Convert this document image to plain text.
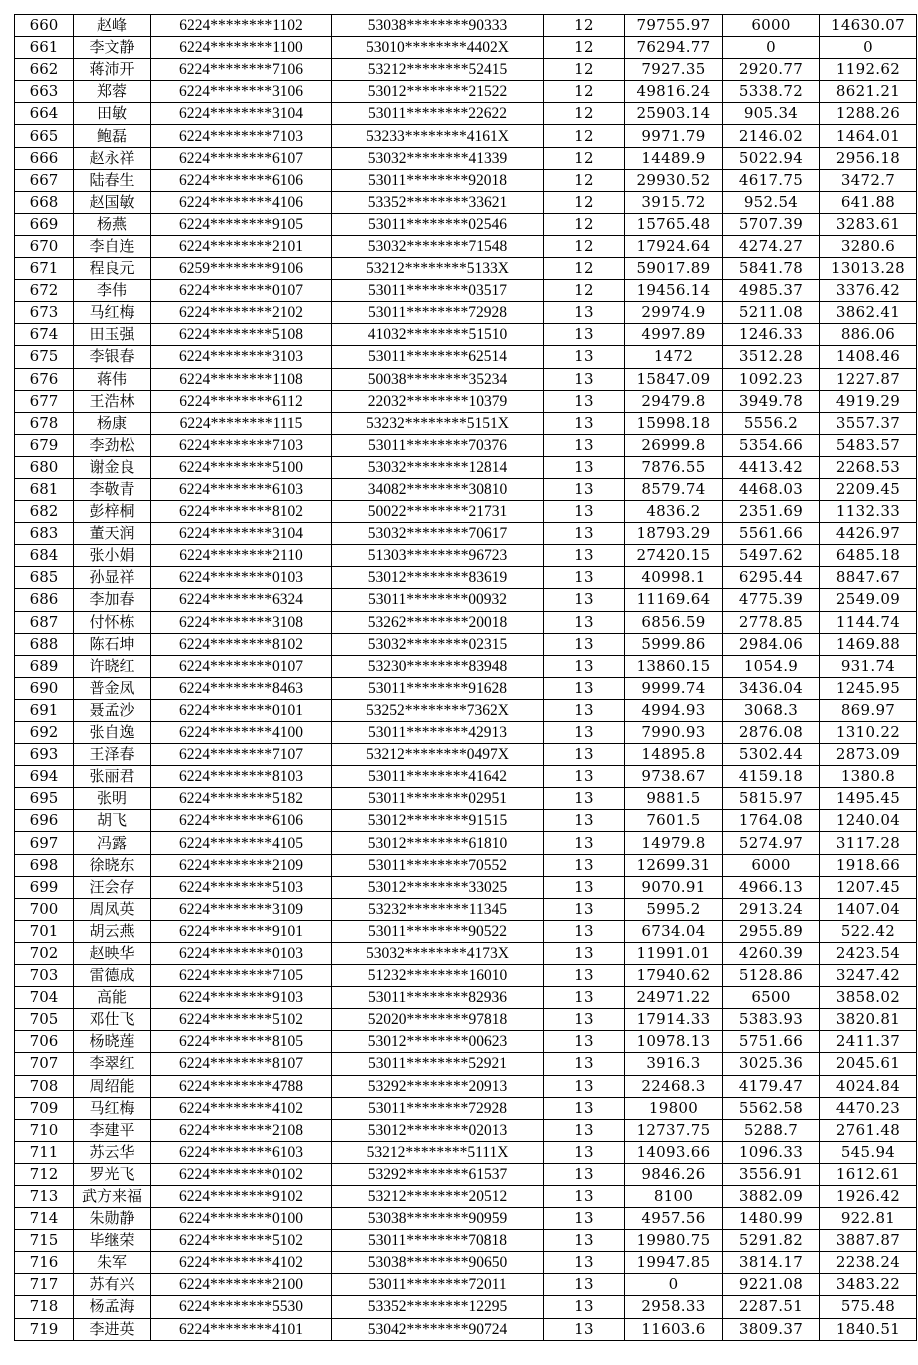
660	赵峰	6224********1102	53038********90333	12	79755.97	6000	14630.07
661	李文静	6224********1100	53010********4402X	12	76294.77	0	0
662	蒋沛开	6224********7106	53212********52415	12	7927.35	2920.77	1192.62
663	郑蓉	6224********3106	53012********21522	12	49816.24	5338.72	8621.21
664	田敏	6224********3104	53011********22622	12	25903.14	905.34	1288.26
665	鲍磊	6224********7103	53233********4161X	12	9971.79	2146.02	1464.01
666	赵永祥	6224********6107	53032********41339	12	14489.9	5022.94	2956.18
667	陆春生	6224********6106	53011********92018	12	29930.52	4617.75	3472.7
668	赵国敏	6224********4106	53352********33621	12	3915.72	952.54	641.88
669	杨燕	6224********9105	53011********02546	12	15765.48	5707.39	3283.61
670	李自连	6224********2101	53032********71548	12	17924.64	4274.27	3280.6
671	程良元	6259********9106	53212********5133X	12	59017.89	5841.78	13013.28
672	李伟	6224********0107	53011********03517	12	19456.14	4985.37	3376.42
673	马红梅	6224********2102	53011********72928	13	29974.9	5211.08	3862.41
674	田玉强	6224********5108	41032********51510	13	4997.89	1246.33	886.06
675	李银春	6224********3103	53011********62514	13	1472	3512.28	1408.46
676	蒋伟	6224********1108	50038********35234	13	15847.09	1092.23	1227.87
677	王浩林	6224********6112	22032********10379	13	29479.8	3949.78	4919.29
678	杨康	6224********1115	53232********5151X	13	15998.18	5556.2	3557.37
679	李劲松	6224********7103	53011********70376	13	26999.8	5354.66	5483.57
680	谢金良	6224********5100	53032********12814	13	7876.55	4413.42	2268.53
681	李敬青	6224********6103	34082********30810	13	8579.74	4468.03	2209.45
682	彭梓桐	6224********8102	50022********21731	13	4836.2	2351.69	1132.33
683	董天润	6224********3104	53032********70617	13	18793.29	5561.66	4426.97
684	张小娟	6224********2110	51303********96723	13	27420.15	5497.62	6485.18
685	孙显祥	6224********0103	53012********83619	13	40998.1	6295.44	8847.67
686	李加春	6224********6324	53011********00932	13	11169.64	4775.39	2549.09
687	付怀栋	6224********3108	53262********20018	13	6856.59	2778.85	1144.74
688	陈石坤	6224********8102	53032********02315	13	5999.86	2984.06	1469.88
689	许晓红	6224********0107	53230********83948	13	13860.15	1054.9	931.74
690	普金凤	6224********8463	53011********91628	13	9999.74	3436.04	1245.95
691	聂孟沙	6224********0101	53252********7362X	13	4994.93	3068.3	869.97
692	张自逸	6224********4100	53011********42913	13	7990.93	2876.08	1310.22
693	王泽春	6224********7107	53212********0497X	13	14895.8	5302.44	2873.09
694	张丽君	6224********8103	53011********41642	13	9738.67	4159.18	1380.8
695	张明	6224********5182	53011********02951	13	9881.5	5815.97	1495.45
696	胡飞	6224********6106	53012********91515	13	7601.5	1764.08	1240.04
697	冯露	6224********4105	53012********61810	13	14979.8	5274.97	3117.28
698	徐晓东	6224********2109	53011********70552	13	12699.31	6000	1918.66
699	汪会存	6224********5103	53012********33025	13	9070.91	4966.13	1207.45
700	周凤英	6224********3109	53232********11345	13	5995.2	2913.24	1407.04
701	胡云燕	6224********9101	53011********90522	13	6734.04	2955.89	522.42
702	赵映华	6224********0103	53032********4173X	13	11991.01	4260.39	2423.54
703	雷德成	6224********7105	51232********16010	13	17940.62	5128.86	3247.42
704	高能	6224********9103	53011********82936	13	24971.22	6500	3858.02
705	邓仕飞	6224********5102	52020********97818	13	17914.33	5383.93	3820.81
706	杨晓莲	6224********8105	53012********00623	13	10978.13	5751.66	2411.37
707	李翠红	6224********8107	53011********52921	13	3916.3	3025.36	2045.61
708	周绍能	6224********4788	53292********20913	13	22468.3	4179.47	4024.84
709	马红梅	6224********4102	53011********72928	13	19800	5562.58	4470.23
710	李建平	6224********2108	53012********02013	13	12737.75	5288.7	2761.48
711	苏云华	6224********6103	53212********5111X	13	14093.66	1096.33	545.94
712	罗光飞	6224********0102	53292********61537	13	9846.26	3556.91	1612.61
713	武方来福	6224********9102	53212********20512	13	8100	3882.09	1926.42
714	朱勋静	6224********0100	53038********90959	13	4957.56	1480.99	922.81
715	毕继荣	6224********5102	53011********70818	13	19980.75	5291.82	3887.87
716	朱军	6224********4102	53038********90650	13	19947.85	3814.17	2238.24
717	苏有兴	6224********2100	53011********72011	13	0	9221.08	3483.22
718	杨孟海	6224********5530	53352********12295	13	2958.33	2287.51	575.48
719	李进英	6224********4101	53042********90724	13	11603.6	3809.37	1840.51
